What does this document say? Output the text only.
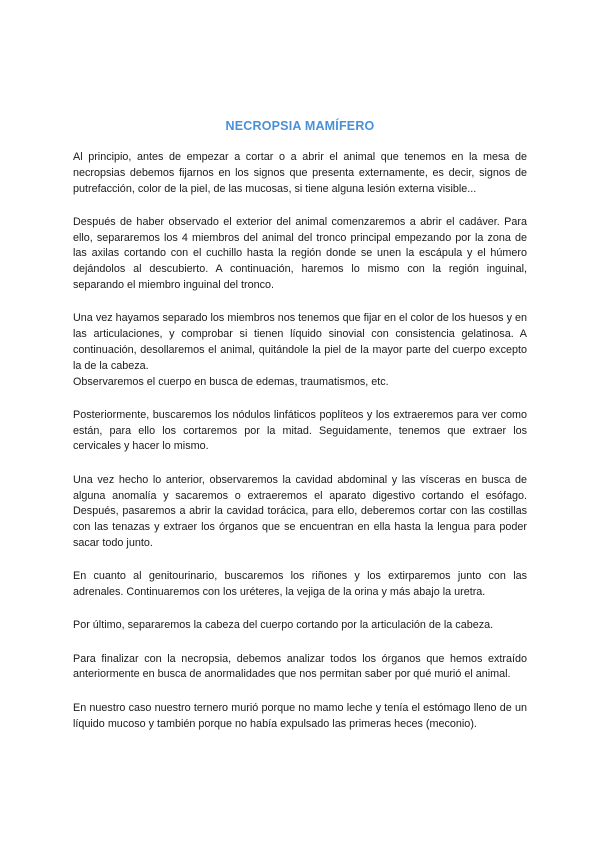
NECROPSIA MAMÍFERO

Al principio, antes de empezar a cortar o a abrir el animal que tenemos en la mesa de necropsias debemos fijarnos en los signos que presenta externamente, es decir, signos de putrefacción, color de la piel, de las mucosas, si tiene alguna lesión externa visible...

Después de haber observado el exterior del animal comenzaremos a abrir el cadáver. Para ello, separaremos los 4 miembros del animal del tronco principal empezando por la zona de las axilas cortando con el cuchillo hasta la región donde se unen la escápula y el húmero dejándolos al descubierto. A continuación, haremos lo mismo con la región inguinal, separando el miembro inguinal del tronco.

Una vez hayamos separado los miembros nos tenemos que fijar en el color de los huesos y en las articulaciones, y comprobar si tienen líquido sinovial con consistencia gelatinosa. A continuación, desollaremos el animal, quitándole la piel de la mayor parte del cuerpo excepto la de la cabeza.

Observaremos el cuerpo en busca de edemas, traumatismos, etc.

Posteriormente, buscaremos los nódulos linfáticos poplíteos y los extraeremos para ver como están, para ello los cortaremos por la mitad. Seguidamente, tenemos que extraer los cervicales y hacer lo mismo.

Una vez hecho lo anterior, observaremos la cavidad abdominal y las vísceras en busca de alguna anomalía y sacaremos o extraeremos el aparato digestivo cortando el esófago. Después, pasaremos a abrir la cavidad torácica, para ello, deberemos cortar con las costillas con las tenazas y extraer los órganos que se encuentran en ella hasta la lengua para poder sacar todo junto.

En cuanto al genitourinario, buscaremos los riñones y los extirparemos junto con las adrenales. Continuaremos con los uréteres, la vejiga de la orina y más abajo la uretra.

Por último, separaremos la cabeza del cuerpo cortando por la articulación de la cabeza.

Para finalizar con la necropsia, debemos analizar todos los órganos que hemos extraído anteriormente en busca de anormalidades que nos permitan saber por qué murió el animal.

En nuestro caso nuestro ternero murió porque no mamo leche y tenía el estómago lleno de un líquido mucoso y también porque no había expulsado las primeras heces (meconio).
